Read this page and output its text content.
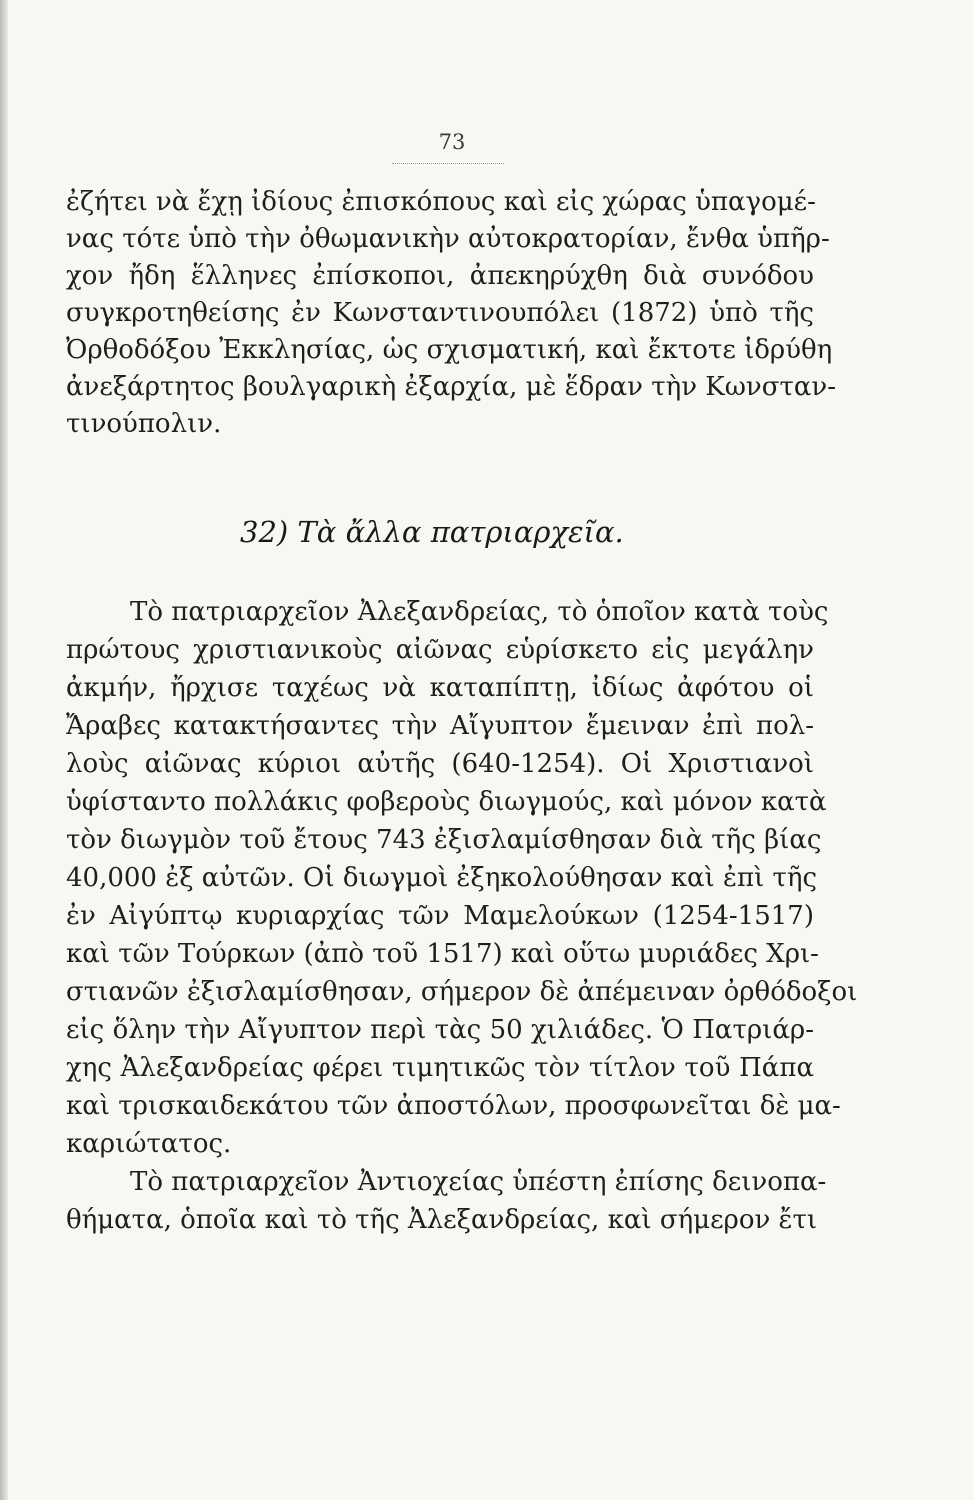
73
ἐζήτει νὰ ἔχῃ ἰδίους ἐπισκόπους καὶ εἰς χώρας ὑπαγομέ-
νας τότε ὑπὸ τὴν ὀθωμανικὴν αὐτοκρατορίαν, ἔνθα ὑπῆρ-
χον ἤδη ἕλληνες ἐπίσκοποι, ἀπεκηρύχθη διὰ συνόδου
συγκροτηθείσης ἐν Κωνσταντινουπόλει (1872) ὑπὸ τῆς
Ὀρθοδόξου Ἐκκλησίας, ὡς σχισματική, καὶ ἔκτοτε ἱδρύθη
ἀνεξάρτητος βουλγαρικὴ ἐξαρχία, μὲ ἕδραν τὴν Κωνσταν-
τινούπολιν.
32) Τὰ ἄλλα πατριαρχεῖα.
Τὸ πατριαρχεῖον Ἀλεξανδρείας, τὸ ὁποῖον κατὰ τοὺς
πρώτους χριστιανικοὺς αἰῶνας εὑρίσκετο εἰς μεγάλην
ἀκμήν, ἤρχισε ταχέως νὰ καταπίπτῃ, ἰδίως ἀφότου οἱ
Ἄραβες κατακτήσαντες τὴν Αἴγυπτον ἔμειναν ἐπὶ πολ-
λοὺς αἰῶνας κύριοι αὐτῆς (640-1254). Οἱ Χριστιανοὶ
ὑφίσταντο πολλάκις φοβεροὺς διωγμούς, καὶ μόνον κατὰ
τὸν διωγμὸν τοῦ ἔτους 743 ἐξισλαμίσθησαν διὰ τῆς βίας
40,000 ἐξ αὐτῶν. Οἱ διωγμοὶ ἐξηκολούθησαν καὶ ἐπὶ τῆς
ἐν Αἰγύπτῳ κυριαρχίας τῶν Μαμελούκων (1254-1517)
καὶ τῶν Τούρκων (ἀπὸ τοῦ 1517) καὶ οὕτω μυριάδες Χρι-
στιανῶν ἐξισλαμίσθησαν, σήμερον δὲ ἀπέμειναν ὀρθόδοξοι
εἰς ὅλην τὴν Αἴγυπτον περὶ τὰς 50 χιλιάδες. Ὁ Πατριάρ-
χης Ἀλεξανδρείας φέρει τιμητικῶς τὸν τίτλον τοῦ Πάπα
καὶ τρισκαιδεκάτου τῶν ἀποστόλων, προσφωνεῖται δὲ μα-
καριώτατος.
Τὸ πατριαρχεῖον Ἀντιοχείας ὑπέστη ἐπίσης δεινοπα-
θήματα, ὁποῖα καὶ τὸ τῆς Ἀλεξανδρείας, καὶ σήμερον ἔτι
